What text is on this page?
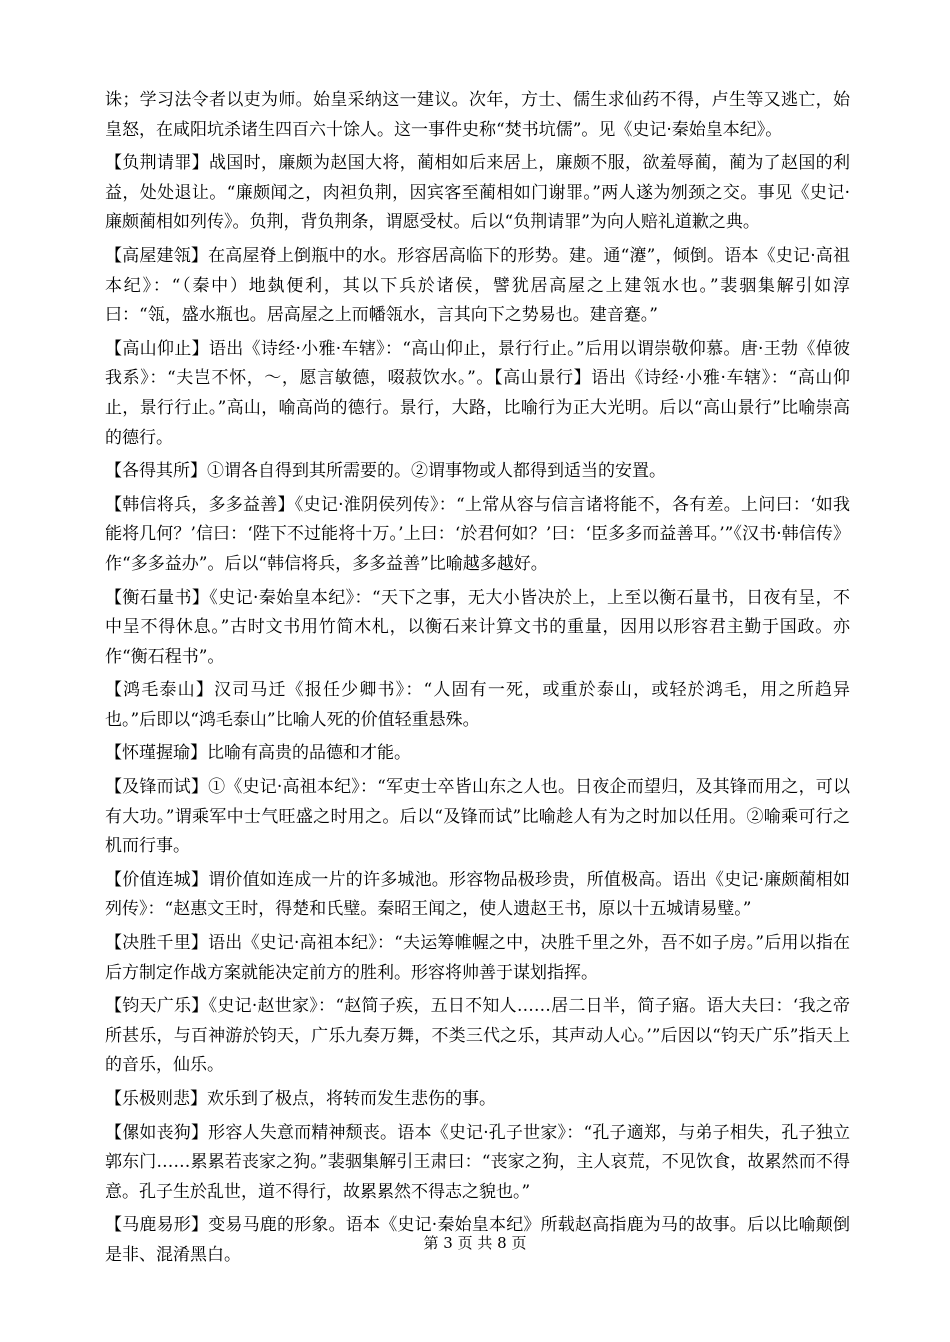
诛；学习法令者以吏为师。始皇采纳这一建议。次年，方士、儒生求仙药不得，卢生等又逃亡，始皇怒，在咸阳坑杀诸生四百六十馀人。这一事件史称“焚书坑儒”。见《史记·秦始皇本纪》。

【负荆请罪】战国时，廉颇为赵国大将，蔺相如后来居上，廉颇不服，欲羞辱蔺，蔺为了赵国的利益，处处退让。“廉颇闻之，肉袒负荆，因宾客至蔺相如门谢罪。”两人遂为刎颈之交。事见《史记·廉颇蔺相如列传》。负荆，背负荆条，谓愿受杖。后以“负荆请罪”为向人赔礼道歉之典。

【高屋建瓴】在高屋脊上倒瓶中的水。形容居高临下的形势。建。通“瀽”，倾倒。语本《史记·高祖本纪》：“（秦中）地埶便利，其以下兵於诸侯，譬犹居高屋之上建瓴水也。”裴骃集解引如淳曰：“瓴，盛水瓶也。居高屋之上而幡瓴水，言其向下之势易也。建音蹇。”

【高山仰止】语出《诗经·小雅·车辖》：“高山仰止，景行行止。”后用以谓崇敬仰慕。唐·王勃《倬彼我系》：“夫岂不怀，～，愿言敏德，啜菽饮水。”。【高山景行】语出《诗经·小雅·车辖》：“高山仰止，景行行止。”高山，喻高尚的德行。景行，大路，比喻行为正大光明。后以“高山景行”比喻崇高的德行。

【各得其所】①谓各自得到其所需要的。②谓事物或人都得到适当的安置。

【韩信将兵，多多益善】《史记·淮阴侯列传》：“上常从容与信言诸将能不，各有差。上问曰：‘如我能将几何？’信曰：‘陛下不过能将十万。’上曰：‘於君何如？’曰：‘臣多多而益善耳。’”《汉书·韩信传》作“多多益办”。后以“韩信将兵，多多益善”比喻越多越好。

【衡石量书】《史记·秦始皇本纪》：“天下之事，无大小皆决於上，上至以衡石量书，日夜有呈，不中呈不得休息。”古时文书用竹简木札，以衡石来计算文书的重量，因用以形容君主勤于国政。亦作“衡石程书”。

【鸿毛泰山】汉司马迁《报任少卿书》：“人固有一死，或重於泰山，或轻於鸿毛，用之所趋异也。”后即以“鸿毛泰山”比喻人死的价值轻重悬殊。

【怀瑾握瑜】比喻有高贵的品德和才能。

【及锋而试】①《史记·高祖本纪》：“军吏士卒皆山东之人也。日夜企而望归，及其锋而用之，可以有大功。”谓乘军中士气旺盛之时用之。后以“及锋而试”比喻趁人有为之时加以任用。②喻乘可行之机而行事。

【价值连城】谓价值如连成一片的许多城池。形容物品极珍贵，所值极高。语出《史记·廉颇蔺相如列传》：“赵惠文王时，得楚和氏璧。秦昭王闻之，使人遗赵王书，原以十五城请易璧。”

【决胜千里】语出《史记·高祖本纪》：“夫运筹帷幄之中，决胜千里之外，吾不如子房。”后用以指在后方制定作战方案就能决定前方的胜利。形容将帅善于谋划指挥。

【钧天广乐】《史记·赵世家》：“赵简子疾，五日不知人……居二日半，简子寤。语大夫曰：‘我之帝所甚乐，与百神游於钧天，广乐九奏万舞，不类三代之乐，其声动人心。’”后因以“钧天广乐”指天上的音乐，仙乐。

【乐极则悲】欢乐到了极点，将转而发生悲伤的事。

【傫如丧狗】形容人失意而精神颓丧。语本《史记·孔子世家》：“孔子適郑，与弟子相失，孔子独立郭东门……累累若丧家之狗。”裴骃集解引王肃曰：“丧家之狗，主人哀荒，不见饮食，故累然而不得意。孔子生於乱世，道不得行，故累累然不得志之貌也。”

【马鹿易形】变易马鹿的形象。语本《史记·秦始皇本纪》所载赵高指鹿为马的故事。后以比喻颠倒是非、混淆黑白。

第 3 页 共 8 页
